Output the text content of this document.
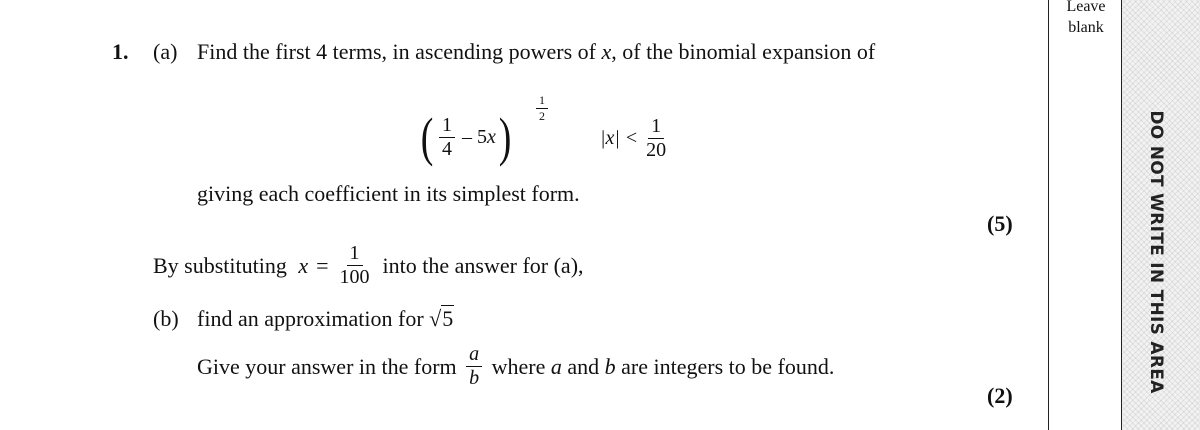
Leave
blank
DO NOT WRITE IN THIS AREA
1. (a) Find the first 4 terms, in ascending powers of x, of the binomial expansion of
( $\frac{1}{4} - 5$ x ) $\frac{1}{2}$
$|x| < \frac{1}{20}$
giving each coefficient in its simplest form.
(5)
By substituting $x = \frac{1}{100}$ into the answer for (a),
(b) find an approximation for √5
Give your answer in the form $\frac{a}{b}$ where a and b are integers to be found.
(2)
